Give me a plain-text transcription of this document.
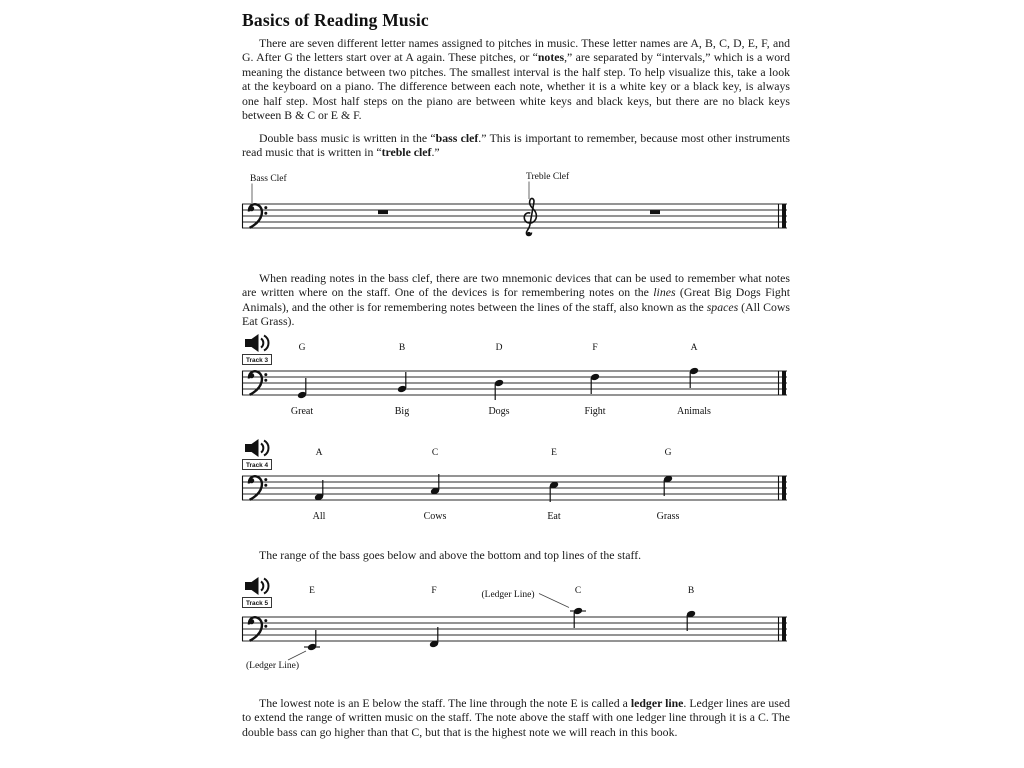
Basics of Reading Music

There are seven different letter names assigned to pitches in music. These letter names are A, B, C, D, E, F, and G. After G the letters start over at A again. These pitches, or “notes,” are separated by “intervals,” which is a word meaning the distance between two pitches. The smallest interval is the half step. To help visualize this, take a look at the keyboard on a piano. The difference between each note, whether it is a white key or a black key, is always one half step. Most half steps on the piano are between white keys and black keys, but there are no black keys between B & C or E & F.

Double bass music is written in the “bass clef.” This is important to remember, because most other instruments read music that is written in “treble clef.”

Bass Clef	Treble Clef

When reading notes in the bass clef, there are two mnemonic devices that can be used to remember what notes are written where on the staff. One of the devices is for remembering notes on the lines (Great Big Dogs Fight Animals), and the other is for remembering notes between the lines of the staff, also known as the spaces (All Cows Eat Grass).

Track 3
G	B	D	F	A
Great	Big	Dogs	Fight	Animals
Track 4
A	C	E	G
All	Cows	Eat	Grass

The range of the bass goes below and above the bottom and top lines of the staff.

Track 5
E	F	C	B
(Ledger Line)
(Ledger Line)

The lowest note is an E below the staff. The line through the note E is called a ledger line. Ledger lines are used to extend the range of written music on the staff. The note above the staff with one ledger line through it is a C. The double bass can go higher than that C, but that is the highest note we will reach in this book.
